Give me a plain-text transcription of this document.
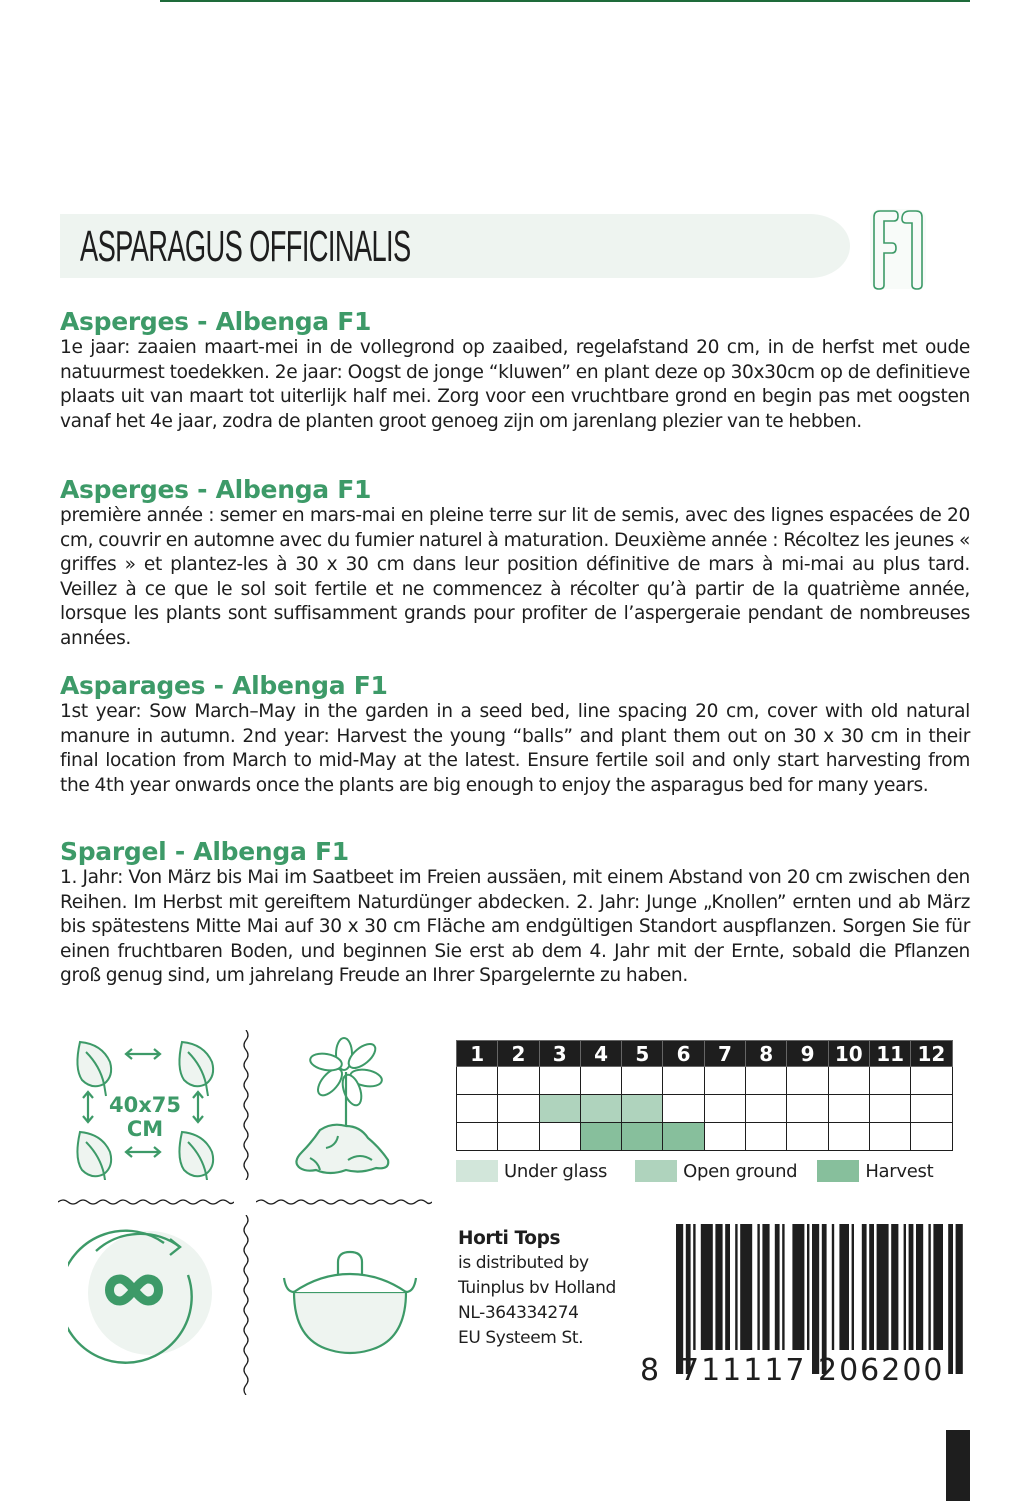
ASPARAGUS OFFICINALIS
Asperges - Albenga F1

1e jaar: zaaien maart-mei in de vollegrond op zaaibed, regelafstand 20 cm, in de herfst met oude natuurmest toedekken. 2e jaar: Oogst de jonge “kluwen” en plant deze op 30x30cm op de definitieve plaats uit van maart tot uiterlijk half mei. Zorg voor een vruchtbare grond en begin pas met oogsten vanaf het 4e jaar, zodra de planten groot genoeg zijn om jarenlang plezier van te hebben.

Asperges - Albenga F1

première année : semer en mars-mai en pleine terre sur lit de semis, avec des lignes espacées de 20 cm, couvrir en automne avec du fumier naturel à maturation. Deuxième année : Récoltez les jeunes « griffes » et plantez-les à 30 x 30 cm dans leur position définitive de mars à mi-mai au plus tard. Veillez à ce que le sol soit fertile et ne commencez à récolter qu’à partir de la quatrième année, lorsque les plants sont suffisamment grands pour profiter de l’aspergeraie pendant de nombreuses années.

Asparages - Albenga F1

1st year: Sow March–May in the garden in a seed bed, line spacing 20 cm, cover with old natural manure in autumn. 2nd year: Harvest the young “balls” and plant them out on 30 x 30 cm in their final location from March to mid-May at the latest. Ensure fertile soil and only start harvesting from the 4th year onwards once the plants are big enough to enjoy the asparagus bed for many years.

Spargel - Albenga F1

1. Jahr: Von März bis Mai im Saatbeet im Freien aussäen, mit einem Abstand von 20 cm zwischen den Reihen. Im Herbst mit gereiftem Naturdünger abdecken. 2. Jahr: Junge „Knollen” ernten und ab März bis spätestens Mitte Mai auf 30 x 30 cm Fläche am endgültigen Standort auspflanzen. Sorgen Sie für einen fruchtbaren Boden, und beginnen Sie erst ab dem 4. Jahr mit der Ernte, sobald die Pflanzen groß genug sind, um jahrelang Freude an Ihrer Spargelernte zu haben.

40x75
CM
1	2	3	4	5	6	7	8	9	10	11	12

Under glass	Open ground	Harvest
Horti Tops
is distributed by
Tuinplus bv Holland
NL-364334274
EU Systeem St.
8 711117 206200
